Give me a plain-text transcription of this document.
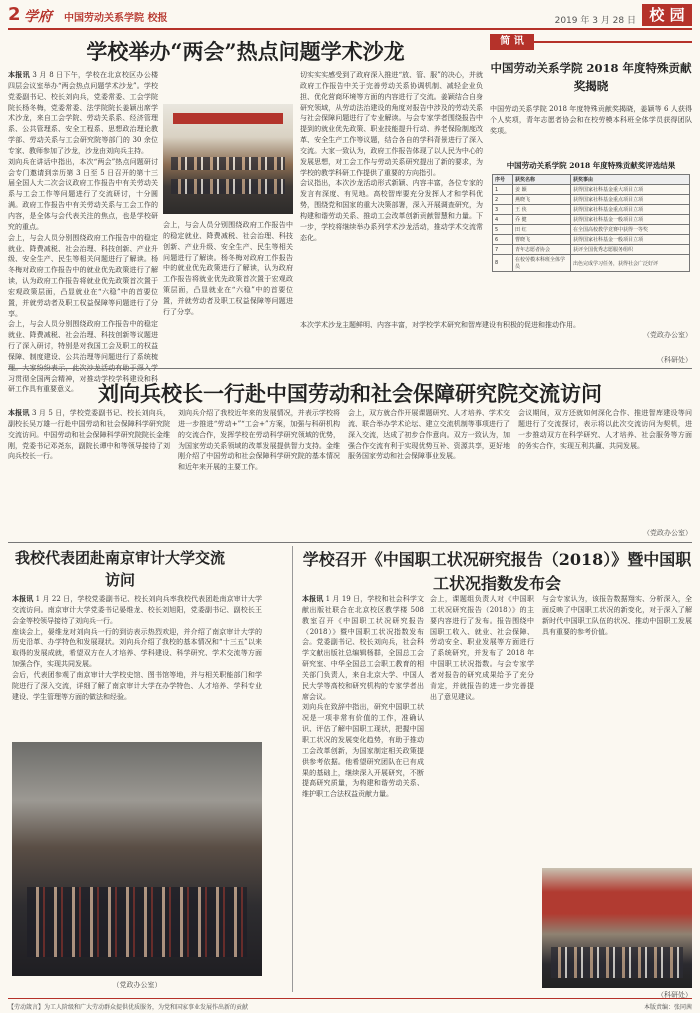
2 学府 中国劳动关系学院 校报	2019 年 3 月 28 日 校 园
学校举办“两会”热点问题学术沙龙
本报讯 3 月 8 日下午，学校在北京校区办公楼四层会议室举办“两会热点问题学术沙龙”。学校党委副书记、校长刘向兵，党委常委、工会学院院长杨冬梅，党委常委、法学院院长姜颖出席学术沙龙，来自工会学院、劳动关系系、经济管理系、公共管理系、安全工程系、思想政治理论教学部、劳动关系与工会研究院等部门的 30 余位专家、教师参加了沙龙，沙龙由刘向兵主持。
刘向兵在讲话中指出，本次“两会”热点问题研讨会专门邀请到亲历第 3 日至 5 日召开的第十三届全国人大二次会议政府工作报告中有关劳动关系与工会工作等问题进行了交流研讨，十分圆满。政府工作报告中有关劳动关系与工会工作的内容，是全体与会代表关注的焦点，也是学校研究的重点。
会上，与会人员分别围绕政府工作报告中的稳定就业、降费减税、社会治理、科技创新、产业升级、安全生产、民生等相关问题进行了解读。杨冬梅对政府工作报告中的就业优先政策进行了解读，认为政府工作报告将就业优先政策首次置于宏观政策层面，凸显就业在“六稳”中的首要位置，并就劳动者及职工权益保障等问题进行了分享。
会上，与会人员分别围绕政府工作报告中的稳定就业、降费减税、社会治理、科技创新等议题进行了深入研讨，特别是对我国工会及职工的权益保障、制度建设、公共治理等问题进行了系统梳 习贯彻全国两会精神，对推动学校学科建设和科研工作具有重要意义。
会上，与会人员分别围绕政府工作报告中的稳定就业、降费减税、社会治理、科技创新、产业升级、安全生产、民生等相关问题进行了解读。杨冬梅对政府工作报告中的就业优先政策进行了解读，认为政府工作报告将就业优先政策首次置于宏观政策层面，凸显就业在“六稳”中的首要位置，并就劳动者及职工权益保障等问题进行了分享。
切实实实感受到了政府深入推进“放、管、服”的决心，并就政府工作报告中关于完善劳动关系协调机制、减轻企业负担、优化营商环境等方面的内容进行了交流。姜颖结合自身研究领域，从劳动法治建设的角度对报告中涉及的劳动关系与社会保障问题进行了专业解读。与会专家学者围绕报告中提到的就业优先政策、职业技能提升行动、养老保险制度改革、安全生产工作等议题，结合各自的学科背景进行了深入交流。大家一致认为，政府工作报告体现了以人民为中心的发展思想，对工会工作与劳动关系研究提出了新的要求，为学校的教学科研工作提供了重要的方向指引。
会议指出，本次沙龙活动形式新颖、内容丰富，各位专家的发言有深度、有见地。高校智库要充分发挥人才和学科优势，围绕党和国家的重大决策部署，深入开展调查研究，为构建和谐劳动关系、推动工会改革创新贡献智慧和力量。下一步，学校将继续举办系列学术沙龙活动，推动学术交流常态化。
本次学术沙龙主题鲜明、内容丰富，对学校学术研究和智库建设有积极的促进和推动作用。
（科研处）
简 讯
中国劳动关系学院 2018 年度特殊贡献奖揭晓
中国劳动关系学院 2018 年度特殊贡献奖揭晓，姜颖等 6 人获得个人奖项，青年志愿者协会和在校劳模本科班全体学员获得团队奖项。
中国劳动关系学院 2018 年度特殊贡献奖评选结果
序号	获奖名称	获奖事由
1	姜 颖	获得国家社科基金重大项目立项
2	燕晓飞	获得国家社科基金重点项目立项
3	王 侠	获得国家社科基金重点项目立项
4	乔 健	获得国家社科基金一般项目立项
5	田 红	在全国高校教学竞赛中获得一等奖
6	曹晓飞	获得国家社科基金一般项目立项
7	青年志愿者协会	获评全国优秀志愿服务组织
8	在校劳模本科班全体学员	出色完成学习任务，获得社会广泛好评
（党政办公室）
刘向兵校长一行赴中国劳动和社会保障研究院交流访问
本报讯 3 月 5 日，学校党委副书记、校长刘向兵，副校长吴万雄一行赴中国劳动和社会保障科学研究院交流访问。中国劳动和社会保障科学研究院院长金维刚，党委书记邓尧东，副院长谭中和等领导接待了刘向兵校长一行。
刘向兵介绍了我校近年来的发展情况，并表示学校将进一步推进“劳动+”“工会+”方案，加强与科研机构的交流合作，发挥学校在劳动科学研究领域的优势，为国家劳动关系领域的改革发展提供智力支持。金维刚介绍了中国劳动和社会保障科学研究院的基本情况和近年来开展的主要工作。
会上，双方就合作开展课题研究、人才培养、学术交流、联合举办学术论坛、建立交流机制等事项进行了深入交流，达成了初步合作意向。双方一致认为，加强合作交流有利于实现优势互补、资源共享，更好地服务国家劳动和社会保障事业发展。
会议期间，双方还就如何深化合作、推进智库建设等问题进行了交流探讨，表示将以此次交流访问为契机，进一步推动双方在科学研究、人才培养、社会服务等方面的务实合作，实现互利共赢、共同发展。
（党政办公室）
我校代表团赴南京审计大学交流访问
本报讯 1 月 22 日，学校党委副书记、校长刘向兵率我校代表团赴南京审计大学交流访问。南京审计大学党委书记晏维龙、校长刘旭阳，党委副书记、副校长王会金等校领导接待了刘向兵一行。
座谈会上，晏维龙对刘向兵一行的到访表示热烈欢迎，并介绍了南京审计大学的历史沿革、办学特色和发展现状。刘向兵介绍了我校的基本情况和“十三五”以来取得的发展成就，希望双方在人才培养、学科建设、科学研究、学术交流等方面加强合作，实现共同发展。
会后，代表团参观了南京审计大学校史馆、图书馆等地，并与相关职能部门和学院进行了深入交流，详细了解了南京审计大学在办学特色、人才培养、学科专业建设、学生管理等方面的做法和经验。
（党政办公室）
学校召开《中国职工状况研究报告（2018）》暨中国职工状况指数发布会
本报讯 1 月 19 日，学校和社会科学文献出版社联合在北京校区教学楼 508 教室召开《中国职工状况研究报告（2018）》暨中国职工状况指数发布会。党委副书记、校长刘向兵，社会科学文献出版社总编辑杨群，全国总工会研究室、中华全国总工会职工教育的相关部门负责人，来自北京大学、中国人民大学等高校和研究机构的专家学者出席会议。
刘向兵在致辞中指出，研究中国职工状况是一项非常有价值的工作，准确认识、评估了解中国职工现状，把握中国职工状况的发展变化趋势，有助于推动工会改革创新，为国家制定相关政策提供参考依据。他希望研究团队在已有成果的基础上，继续深入开展研究，不断提高研究质量，为构建和谐劳动关系、维护职工合法权益贡献力量。
会上，课题组负责人对《中国职工状况研究报告（2018）》的主要内容进行了发布。报告围绕中国职工收入、就业、社会保障、劳动安全、职业发展等方面进行了系统研究，并发布了 2018 年中国职工状况指数。与会专家学者对报告的研究成果给予了充分肯定，并就报告的进一步完善提出了意见建议。
与会专家认为，该报告数据翔实、分析深入，全面反映了中国职工状况的新变化，对于深入了解新时代中国职工队伍的状况、推动中国职工发展具有重要的参考价值。
（科研处）
【劳动箴言】为工人阶级和广大劳动群众提供优质服务，为党和国家事业发展作出新的贡献	本版责编：张同茜
